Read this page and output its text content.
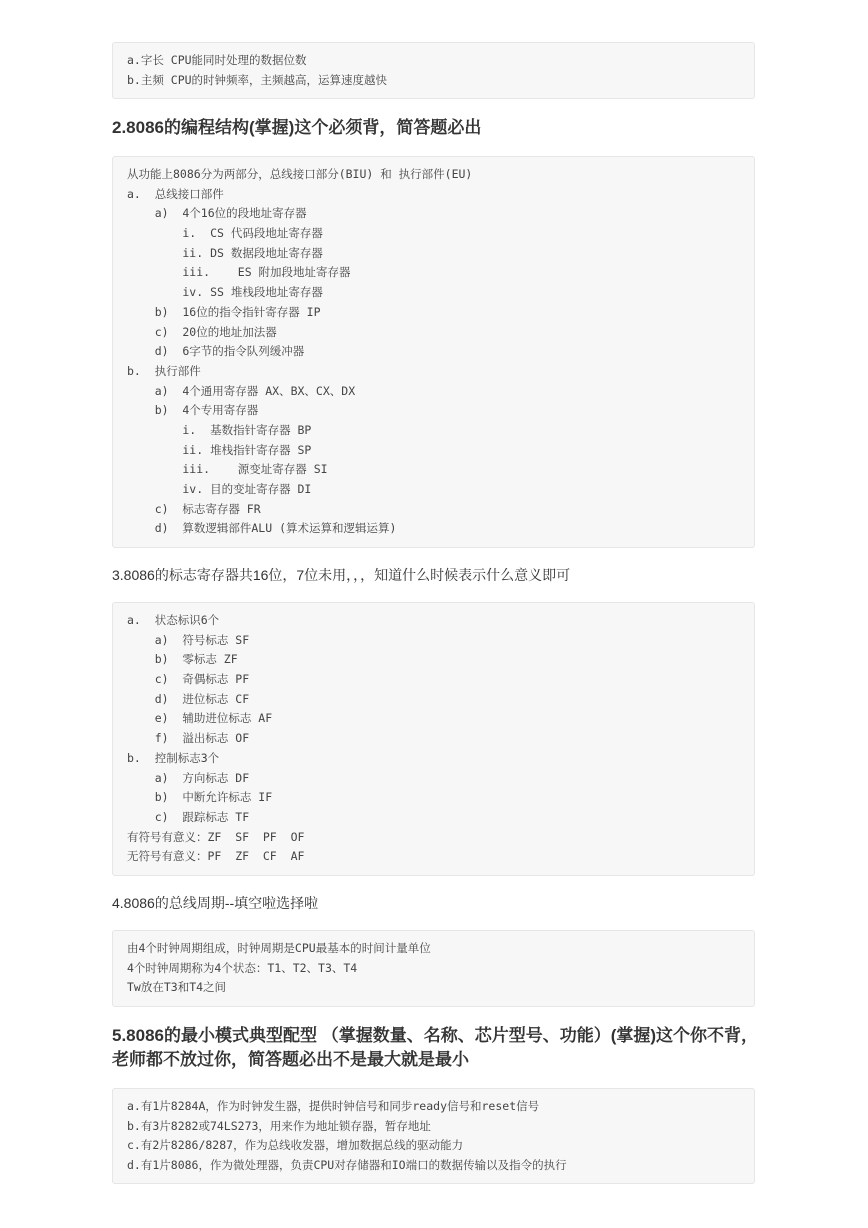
a.字长 CPU能同时处理的数据位数
b.主频 CPU的时钟频率，主频越高，运算速度越快
2.8086的编程结构(掌握)这个必须背，简答题必出
从功能上8086分为两部分，总线接口部分(BIU) 和 执行部件(EU)
a.  总线接口部件
a)  4个16位的段地址寄存器
i.  CS 代码段地址寄存器
ii. DS 数据段地址寄存器
iii.    ES 附加段地址寄存器
iv. SS 堆栈段地址寄存器
b)  16位的指令指针寄存器 IP
c)  20位的地址加法器
d)  6字节的指令队列缓冲器
b.  执行部件
a)  4个通用寄存器 AX、BX、CX、DX
b)  4个专用寄存器
i.  基数指针寄存器 BP
ii. 堆栈指针寄存器 SP
iii.    源变址寄存器 SI
iv. 目的变址寄存器 DI
c)  标志寄存器 FR
d)  算数逻辑部件ALU (算术运算和逻辑运算)

3.8086的标志寄存器共16位，7位未用，，，知道什么时候表示什么意义即可

a.  状态标识6个
a)  符号标志 SF
b)  零标志 ZF
c)  奇偶标志 PF
d)  进位标志 CF
e)  辅助进位标志 AF
f)  溢出标志 OF
b.  控制标志3个
a)  方向标志 DF
b)  中断允许标志 IF
c)  跟踪标志 TF
有符号有意义：ZF  SF  PF  OF
无符号有意义：PF  ZF  CF  AF

4.8086的总线周期--填空啦选择啦

由4个时钟周期组成，时钟周期是CPU最基本的时间计量单位
4个时钟周期称为4个状态：T1、T2、T3、T4
Tw放在T3和T4之间
5.8086的最小模式典型配型 （掌握数量、名称、芯片型号、功能）(掌握)这个你不背，老师都不放过你，简答题必出不是最大就是最小
a.有1片8284A，作为时钟发生器，提供时钟信号和同步ready信号和reset信号
b.有3片8282或74LS273，用来作为地址锁存器，暂存地址
c.有2片8286/8287，作为总线收发器，增加数据总线的驱动能力
d.有1片8086，作为微处理器，负责CPU对存储器和IO端口的数据传输以及指令的执行
